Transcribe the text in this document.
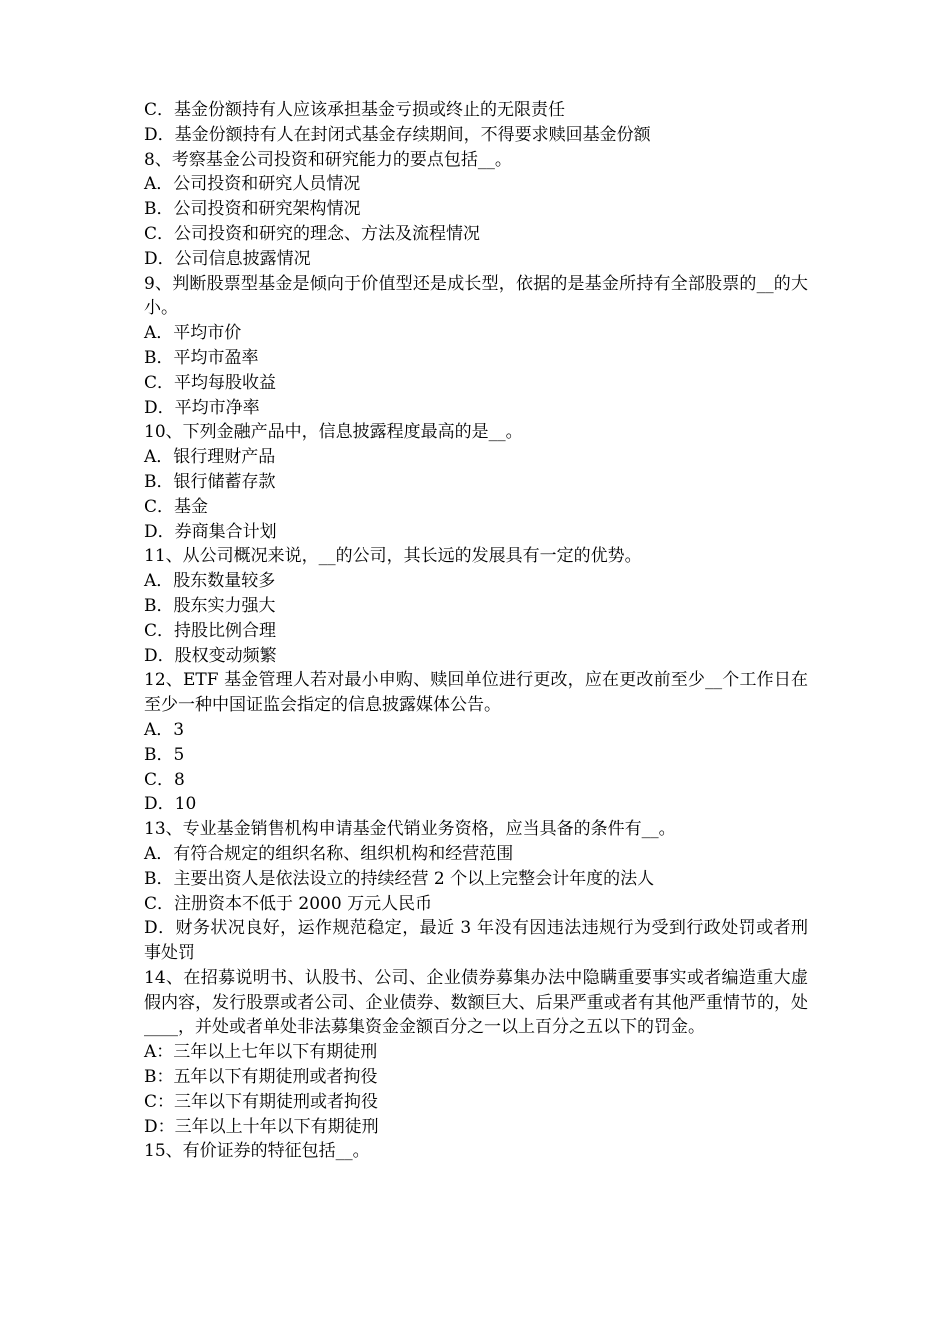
C．基金份额持有人应该承担基金亏损或终止的无限责任

D．基金份额持有人在封闭式基金存续期间，不得要求赎回基金份额

8、考察基金公司投资和研究能力的要点包括__。

A．公司投资和研究人员情况

B．公司投资和研究架构情况

C．公司投资和研究的理念、方法及流程情况

D．公司信息披露情况

9、判断股票型基金是倾向于价值型还是成长型，依据的是基金所持有全部股票的__的大小。

A．平均市价

B．平均市盈率

C．平均每股收益

D．平均市净率

10、下列金融产品中，信息披露程度最高的是__。

A．银行理财产品

B．银行储蓄存款

C．基金

D．券商集合计划

11、从公司概况来说，__的公司，其长远的发展具有一定的优势。

A．股东数量较多

B．股东实力强大

C．持股比例合理

D．股权变动频繁

12、ETF 基金管理人若对最小申购、赎回单位进行更改，应在更改前至少__个工作日在至少一种中国证监会指定的信息披露媒体公告。

A．3

B．5

C．8

D．10

13、专业基金销售机构申请基金代销业务资格，应当具备的条件有__。

A．有符合规定的组织名称、组织机构和经营范围

B．主要出资人是依法设立的持续经营 2 个以上完整会计年度的法人

C．注册资本不低于 2000 万元人民币

D．财务状况良好，运作规范稳定，最近 3 年没有因违法违规行为受到行政处罚或者刑事处罚

14、在招募说明书、认股书、公司、企业债券募集办法中隐瞒重要事实或者编造重大虚假内容，发行股票或者公司、企业债券、数额巨大、后果严重或者有其他严重情节的，处____，并处或者单处非法募集资金金额百分之一以上百分之五以下的罚金。

A：三年以上七年以下有期徒刑

B：五年以下有期徒刑或者拘役

C：三年以下有期徒刑或者拘役

D：三年以上十年以下有期徒刑

15、有价证券的特征包括__。
